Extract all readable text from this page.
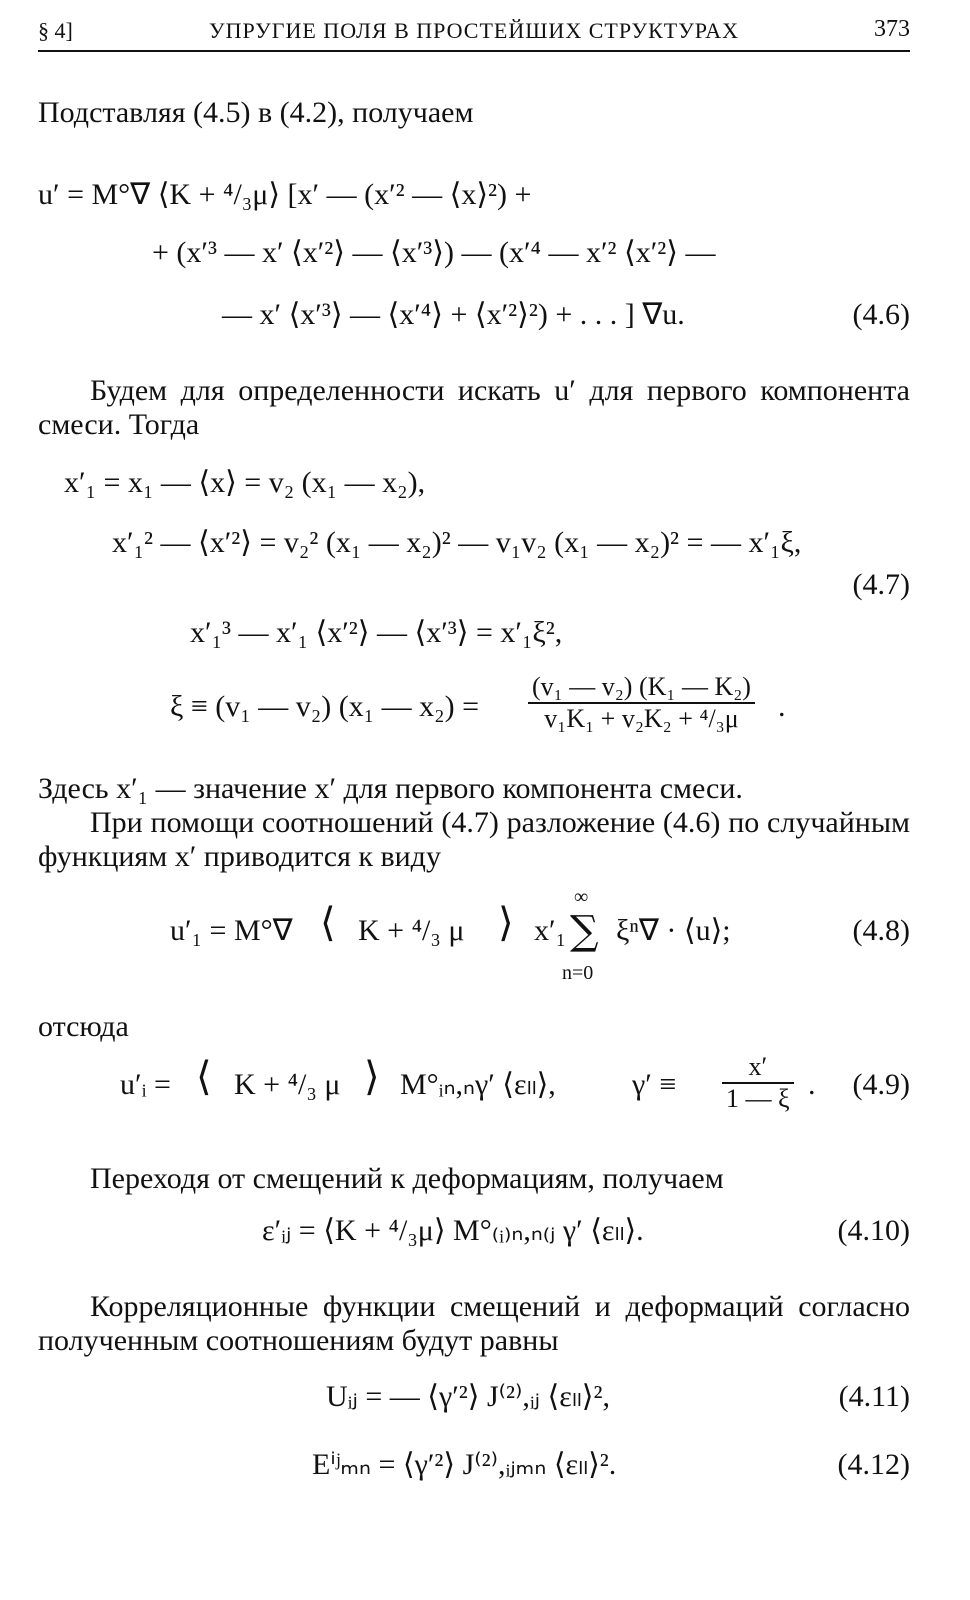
§ 4]	УПРУГИЕ ПОЛЯ В ПРОСТЕЙШИХ СТРУКТУРАХ	373
Подставляя (4.5) в (4.2), получаем
u′ = M°∇ ⟨K + ⁴/₃μ⟩ [x′ — (x′² — ⟨x⟩²) +
+ (x′³ — x′ ⟨x′²⟩ — ⟨x′³⟩) — (x′⁴ — x′² ⟨x′²⟩ —
— x′ ⟨x′³⟩ — ⟨x′⁴⟩ + ⟨x′²⟩²) + . . . ] ∇u.	(4.6)
Будем для определенности искать u′ для первого компонента смеси. Тогда
x′₁ = x₁ — ⟨x⟩ = v₂ (x₁ — x₂),
x′₁² — ⟨x′²⟩ = v₂² (x₁ — x₂)² — v₁v₂ (x₁ — x₂)² = — x′₁ξ,
(4.7)
x′₁³ — x′₁ ⟨x′²⟩ — ⟨x′³⟩ = x′₁ξ²,
ξ ≡ (v₁ — v₂) (x₁ — $x_2) = \frac{\text{(v₁ — v₂) (K₁ — K₂)}}{\text{v₁K₁ + v₂K₂ + ⁴/₃μ}}$ .
Здесь x′₁ — значение x′ для первого компонента смеси.
При помощи соотношений (4.7) разложение (4.6) по случайным функциям x′ приводится к виду
u′₁ = M°∇ ⟨ K + ⁴/₃ μ ⟩ x′₁
∞
∑
n=0
ξⁿ∇ · ⟨u⟩;	(4.8)
отсюда
u′ᵢ = ⟨ K + ⁴/₃ μ ⟩ M°ᵢₙ,ₙγ′ ⟨εₗₗ⟩,	$\gamma' \equiv \frac{x'}{1 — \xi}$ . (4.9)
Переходя от смещений к деформациям, получаем
ε′ᵢⱼ = ⟨K + ⁴/₃μ⟩ M°₍ᵢ₎ₙ,ₙ₍ⱼ γ′ ⟨εₗₗ⟩.	(4.10)
Корреляционные функции смещений и деформаций согласно полученным соотношениям будут равны
Uᵢⱼ = — ⟨γ′²⟩ J⁽²⁾,ᵢⱼ ⟨εₗₗ⟩²,	(4.11)
Eⁱʲₘₙ = ⟨γ′²⟩ J⁽²⁾,ᵢⱼₘₙ ⟨εₗₗ⟩².	(4.12)
